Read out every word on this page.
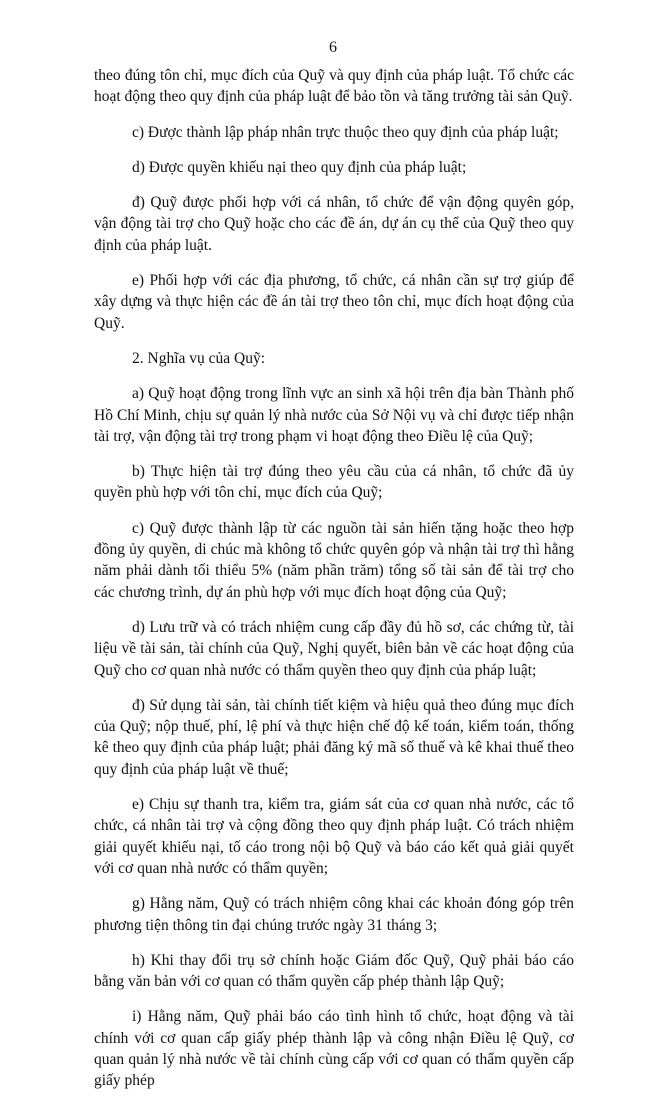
6

theo đúng tôn chỉ, mục đích của Quỹ và quy định của pháp luật. Tổ chức các hoạt động theo quy định của pháp luật để bảo tồn và tăng trưởng tài sản Quỹ.

c) Được thành lập pháp nhân trực thuộc theo quy định của pháp luật;

d) Được quyền khiếu nại theo quy định của pháp luật;

đ) Quỹ được phối hợp với cá nhân, tổ chức để vận động quyên góp, vận động tài trợ cho Quỹ hoặc cho các đề án, dự án cụ thể của Quỹ theo quy định của pháp luật.

e) Phối hợp với các địa phương, tổ chức, cá nhân cần sự trợ giúp để xây dựng và thực hiện các đề án tài trợ theo tôn chỉ, mục đích hoạt động của Quỹ.

2. Nghĩa vụ của Quỹ:

a) Quỹ hoạt động trong lĩnh vực an sinh xã hội trên địa bàn Thành phố Hồ Chí Minh, chịu sự quản lý nhà nước của Sở Nội vụ và chỉ được tiếp nhận tài trợ, vận động tài trợ trong phạm vi hoạt động theo Điều lệ của Quỹ;

b) Thực hiện tài trợ đúng theo yêu cầu của cá nhân, tổ chức đã ủy quyền phù hợp với tôn chỉ, mục đích của Quỹ;

c) Quỹ được thành lập từ các nguồn tài sản hiến tặng hoặc theo hợp đồng ủy quyền, di chúc mà không tổ chức quyên góp và nhận tài trợ thì hằng năm phải dành tối thiểu 5% (năm phần trăm) tổng số tài sản để tài trợ cho các chương trình, dự án phù hợp với mục đích hoạt động của Quỹ;

d) Lưu trữ và có trách nhiệm cung cấp đầy đủ hồ sơ, các chứng từ, tài liệu về tài sản, tài chính của Quỹ, Nghị quyết, biên bản về các hoạt động của Quỹ cho cơ quan nhà nước có thẩm quyền theo quy định của pháp luật;

đ) Sử dụng tài sản, tài chính tiết kiệm và hiệu quả theo đúng mục đích của Quỹ; nộp thuế, phí, lệ phí và thực hiện chế độ kế toán, kiểm toán, thống kê theo quy định của pháp luật; phải đăng ký mã số thuế và kê khai thuế theo quy định của pháp luật về thuế;

e) Chịu sự thanh tra, kiểm tra, giám sát của cơ quan nhà nước, các tổ chức, cá nhân tài trợ và cộng đồng theo quy định pháp luật. Có trách nhiệm giải quyết khiếu nại, tố cáo trong nội bộ Quỹ và báo cáo kết quả giải quyết với cơ quan nhà nước có thẩm quyền;

g) Hằng năm, Quỹ có trách nhiệm công khai các khoản đóng góp trên phương tiện thông tin đại chúng trước ngày 31 tháng 3;

h) Khi thay đổi trụ sở chính hoặc Giám đốc Quỹ, Quỹ phải báo cáo bằng văn bản với cơ quan có thẩm quyền cấp phép thành lập Quỹ;

i) Hằng năm, Quỹ phải báo cáo tình hình tổ chức, hoạt động và tài chính với cơ quan cấp giấy phép thành lập và công nhận Điều lệ Quỹ, cơ quan quản lý nhà nước về tài chính cùng cấp với cơ quan có thẩm quyền cấp giấy phép
